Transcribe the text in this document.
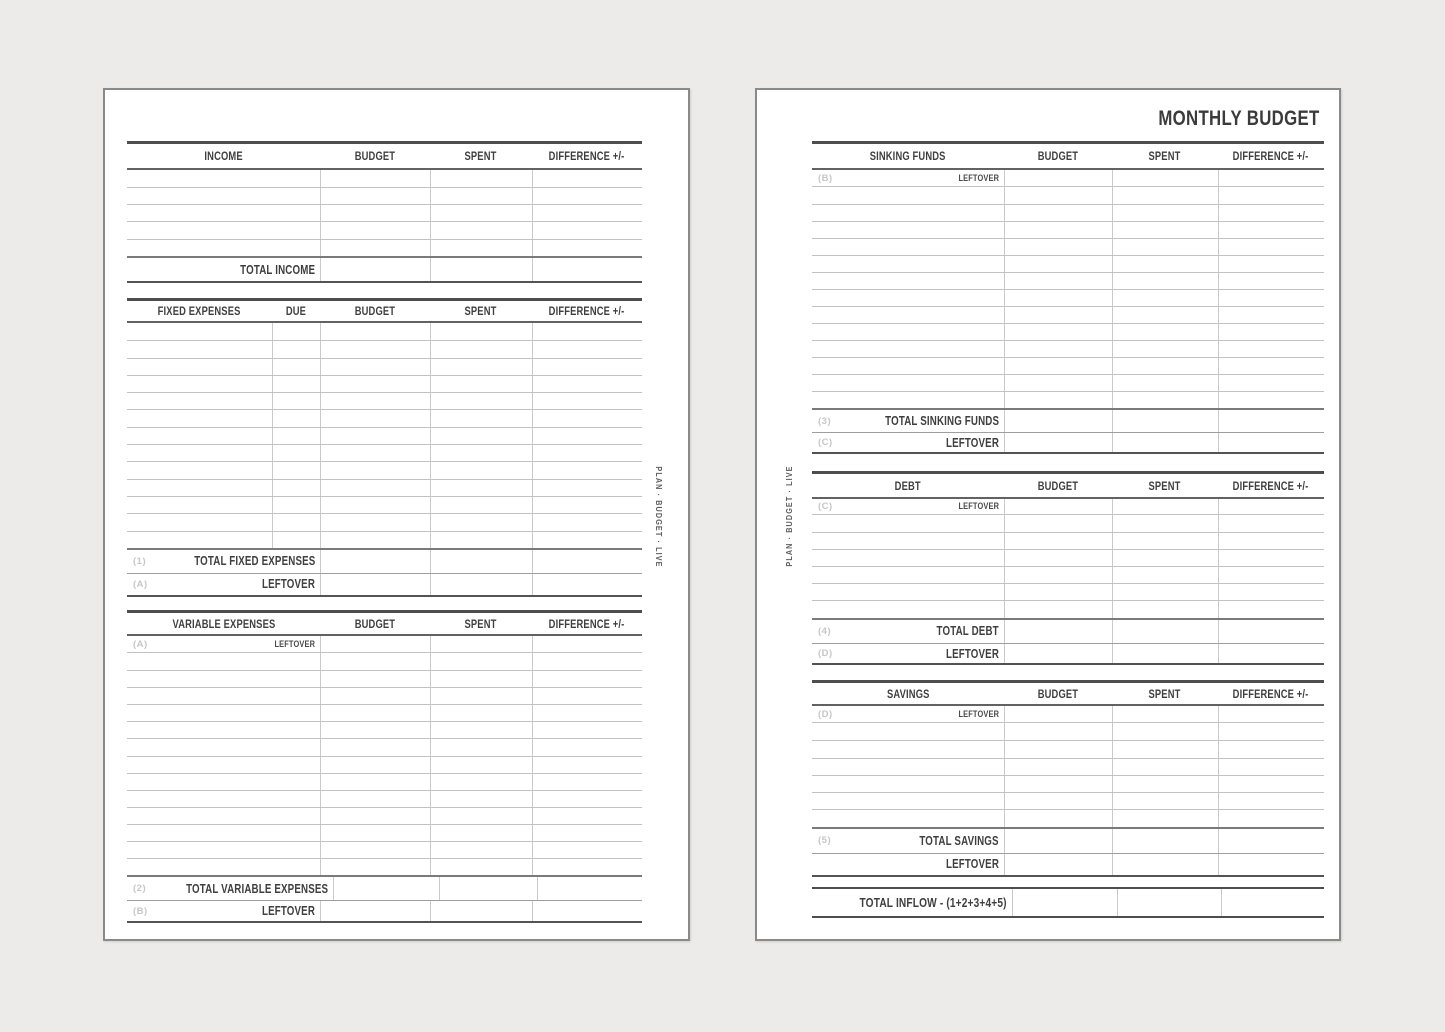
INCOME	BUDGET	SPENT	DIFFERENCE +/-
TOTAL INCOME
FIXED EXPENSES	DUE	BUDGET	SPENT	DIFFERENCE +/-
(1)	TOTAL FIXED EXPENSES
(A)	LEFTOVER
VARIABLE EXPENSES	BUDGET	SPENT	DIFFERENCE +/-
(A)	LEFTOVER
(2)	TOTAL VARIABLE EXPENSES
(B)	LEFTOVER
PLAN · BUDGET · LIVE
MONTHLY BUDGET
SINKING FUNDS	BUDGET	SPENT	DIFFERENCE +/-
(B)	LEFTOVER
(3)	TOTAL SINKING FUNDS
(C)	LEFTOVER
DEBT	BUDGET	SPENT	DIFFERENCE +/-
(C)	LEFTOVER
(4)	TOTAL DEBT
(D)	LEFTOVER
SAVINGS	BUDGET	SPENT	DIFFERENCE +/-
(D)	LEFTOVER
(5)	TOTAL SAVINGS
LEFTOVER
TOTAL INFLOW - (1+2+3+4+5)
PLAN · BUDGET · LIVE
